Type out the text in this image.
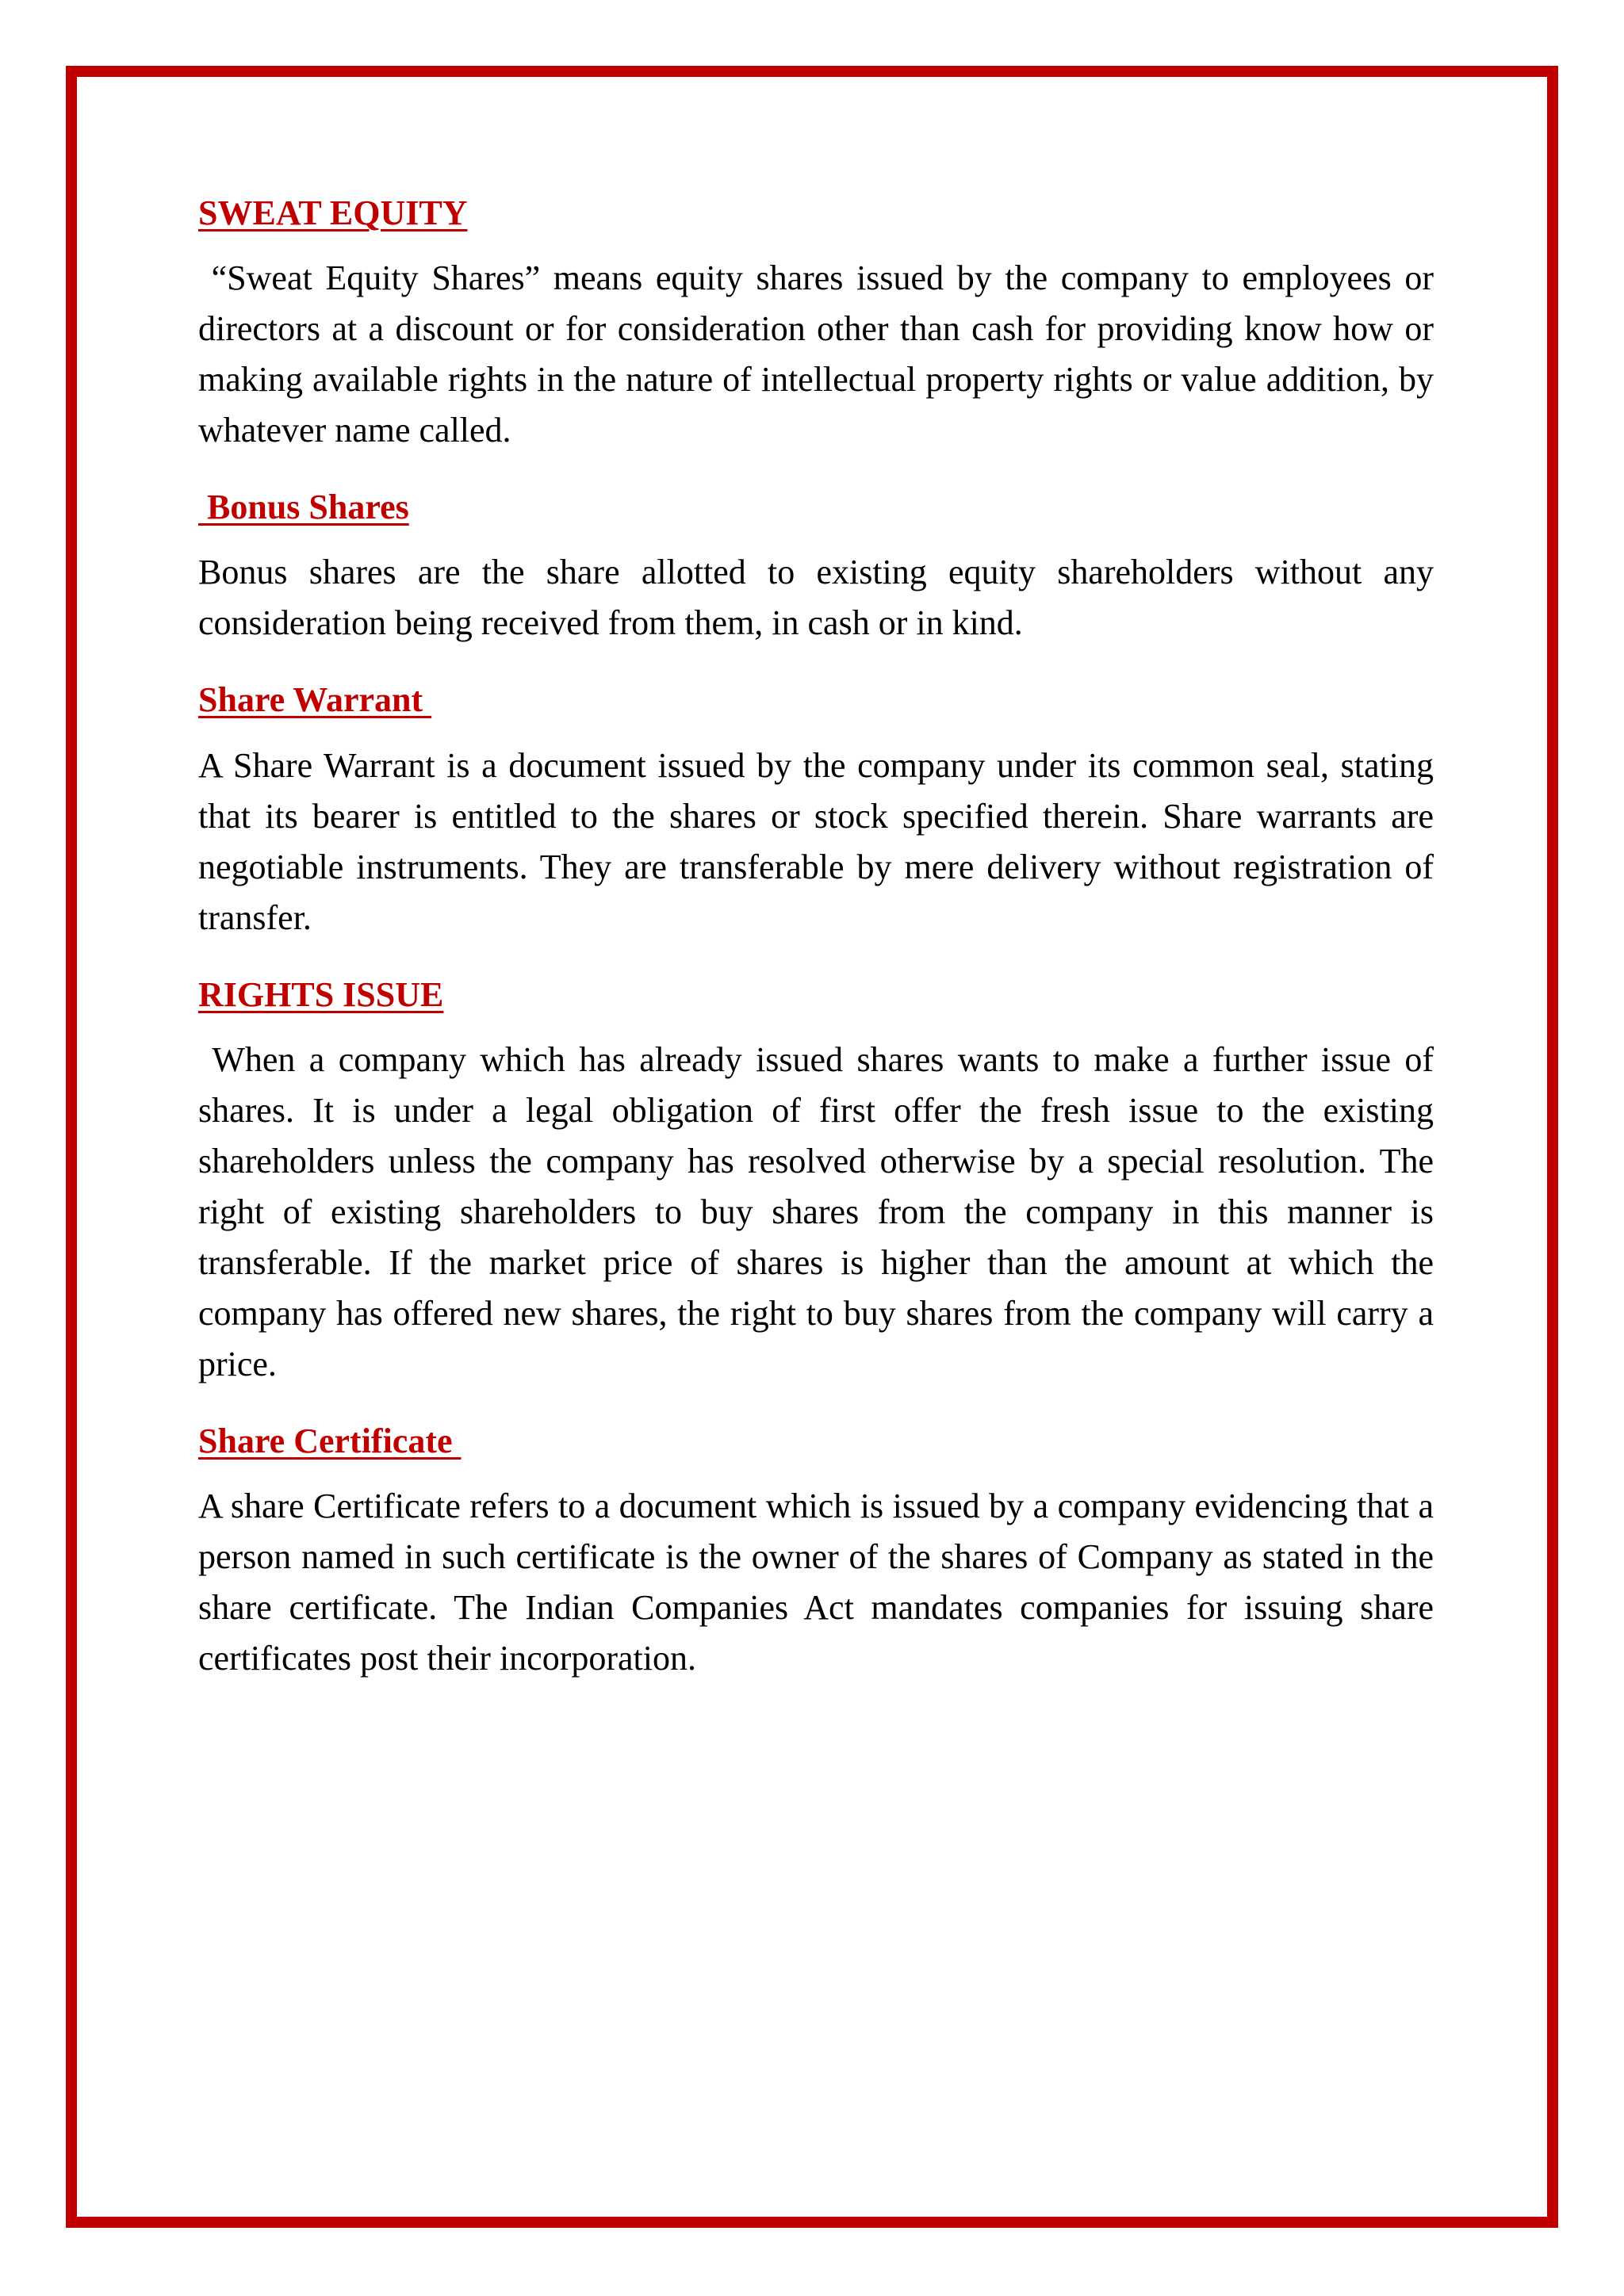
SWEAT EQUITY

“Sweat Equity Shares” means equity shares issued by the company to employees or directors at a discount or for consideration other than cash for providing know how or making available rights in the nature of intellectual property rights or value addition, by whatever name called.

Bonus Shares

Bonus shares are the share allotted to existing equity shareholders without any consideration being received from them, in cash or in kind.

Share Warrant

A Share Warrant is a document issued by the company under its common seal, stating that its bearer is entitled to the shares or stock specified therein. Share warrants are negotiable instruments. They are transferable by mere delivery without registration of transfer.

RIGHTS ISSUE

When a company which has already issued shares wants to make a further issue of shares. It is under a legal obligation of first offer the fresh issue to the existing shareholders unless the company has resolved otherwise by a special resolution. The right of existing shareholders to buy shares from the company in this manner is transferable. If the market price of shares is higher than the amount at which the company has offered new shares, the right to buy shares from the company will carry a price.

Share Certificate

A share Certificate refers to a document which is issued by a company evidencing that a person named in such certificate is the owner of the shares of Company as stated in the share certificate. The Indian Companies Act mandates companies for issuing share certificates post their incorporation.
